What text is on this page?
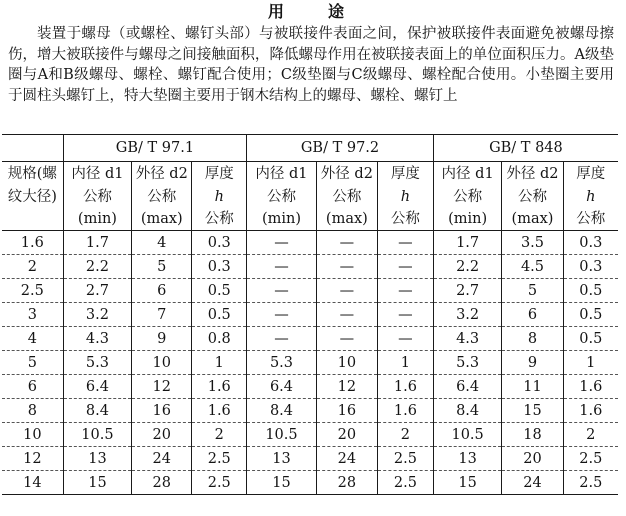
用　途
装置于螺母（或螺栓、螺钉头部）与被联接件表面之间，保护被联接件表面避免被螺母擦伤，增大被联接件与螺母之间接触面积，降低螺母作用在被联接表面上的单位面积压力。A级垫圈与A和B级螺母、螺栓、螺钉配合使用；C级垫圈与C级螺母、螺栓配合使用。小垫圈主要用于圆柱头螺钉上，特大垫圈主要用于钢木结构上的螺母、螺栓、螺钉上
	GB/ T 97.1			GB/ T 97.2			GB/ T 848		
规格(螺	内径 d1	外径 d2	厚度	内径 d1	外径 d2	厚度	内径 d1	外径 d2	厚度
纹大径)	公称	公称	h	公称	公称	h	公称	公称	h
	(min)	(max)	公称	(min)	(max)	公称	(min)	(max)	公称
1.6	1.7	4	0.3	—	—	—	1.7	3.5	0.3
2	2.2	5	0.3	—	—	—	2.2	4.5	0.3
2.5	2.7	6	0.5	—	—	—	2.7	5	0.5
3	3.2	7	0.5	—	—	—	3.2	6	0.5
4	4.3	9	0.8	—	—	—	4.3	8	0.5
5	5.3	10	1	5.3	10	1	5.3	9	1
6	6.4	12	1.6	6.4	12	1.6	6.4	11	1.6
8	8.4	16	1.6	8.4	16	1.6	8.4	15	1.6
10	10.5	20	2	10.5	20	2	10.5	18	2
12	13	24	2.5	13	24	2.5	13	20	2.5
14	15	28	2.5	15	28	2.5	15	24	2.5
